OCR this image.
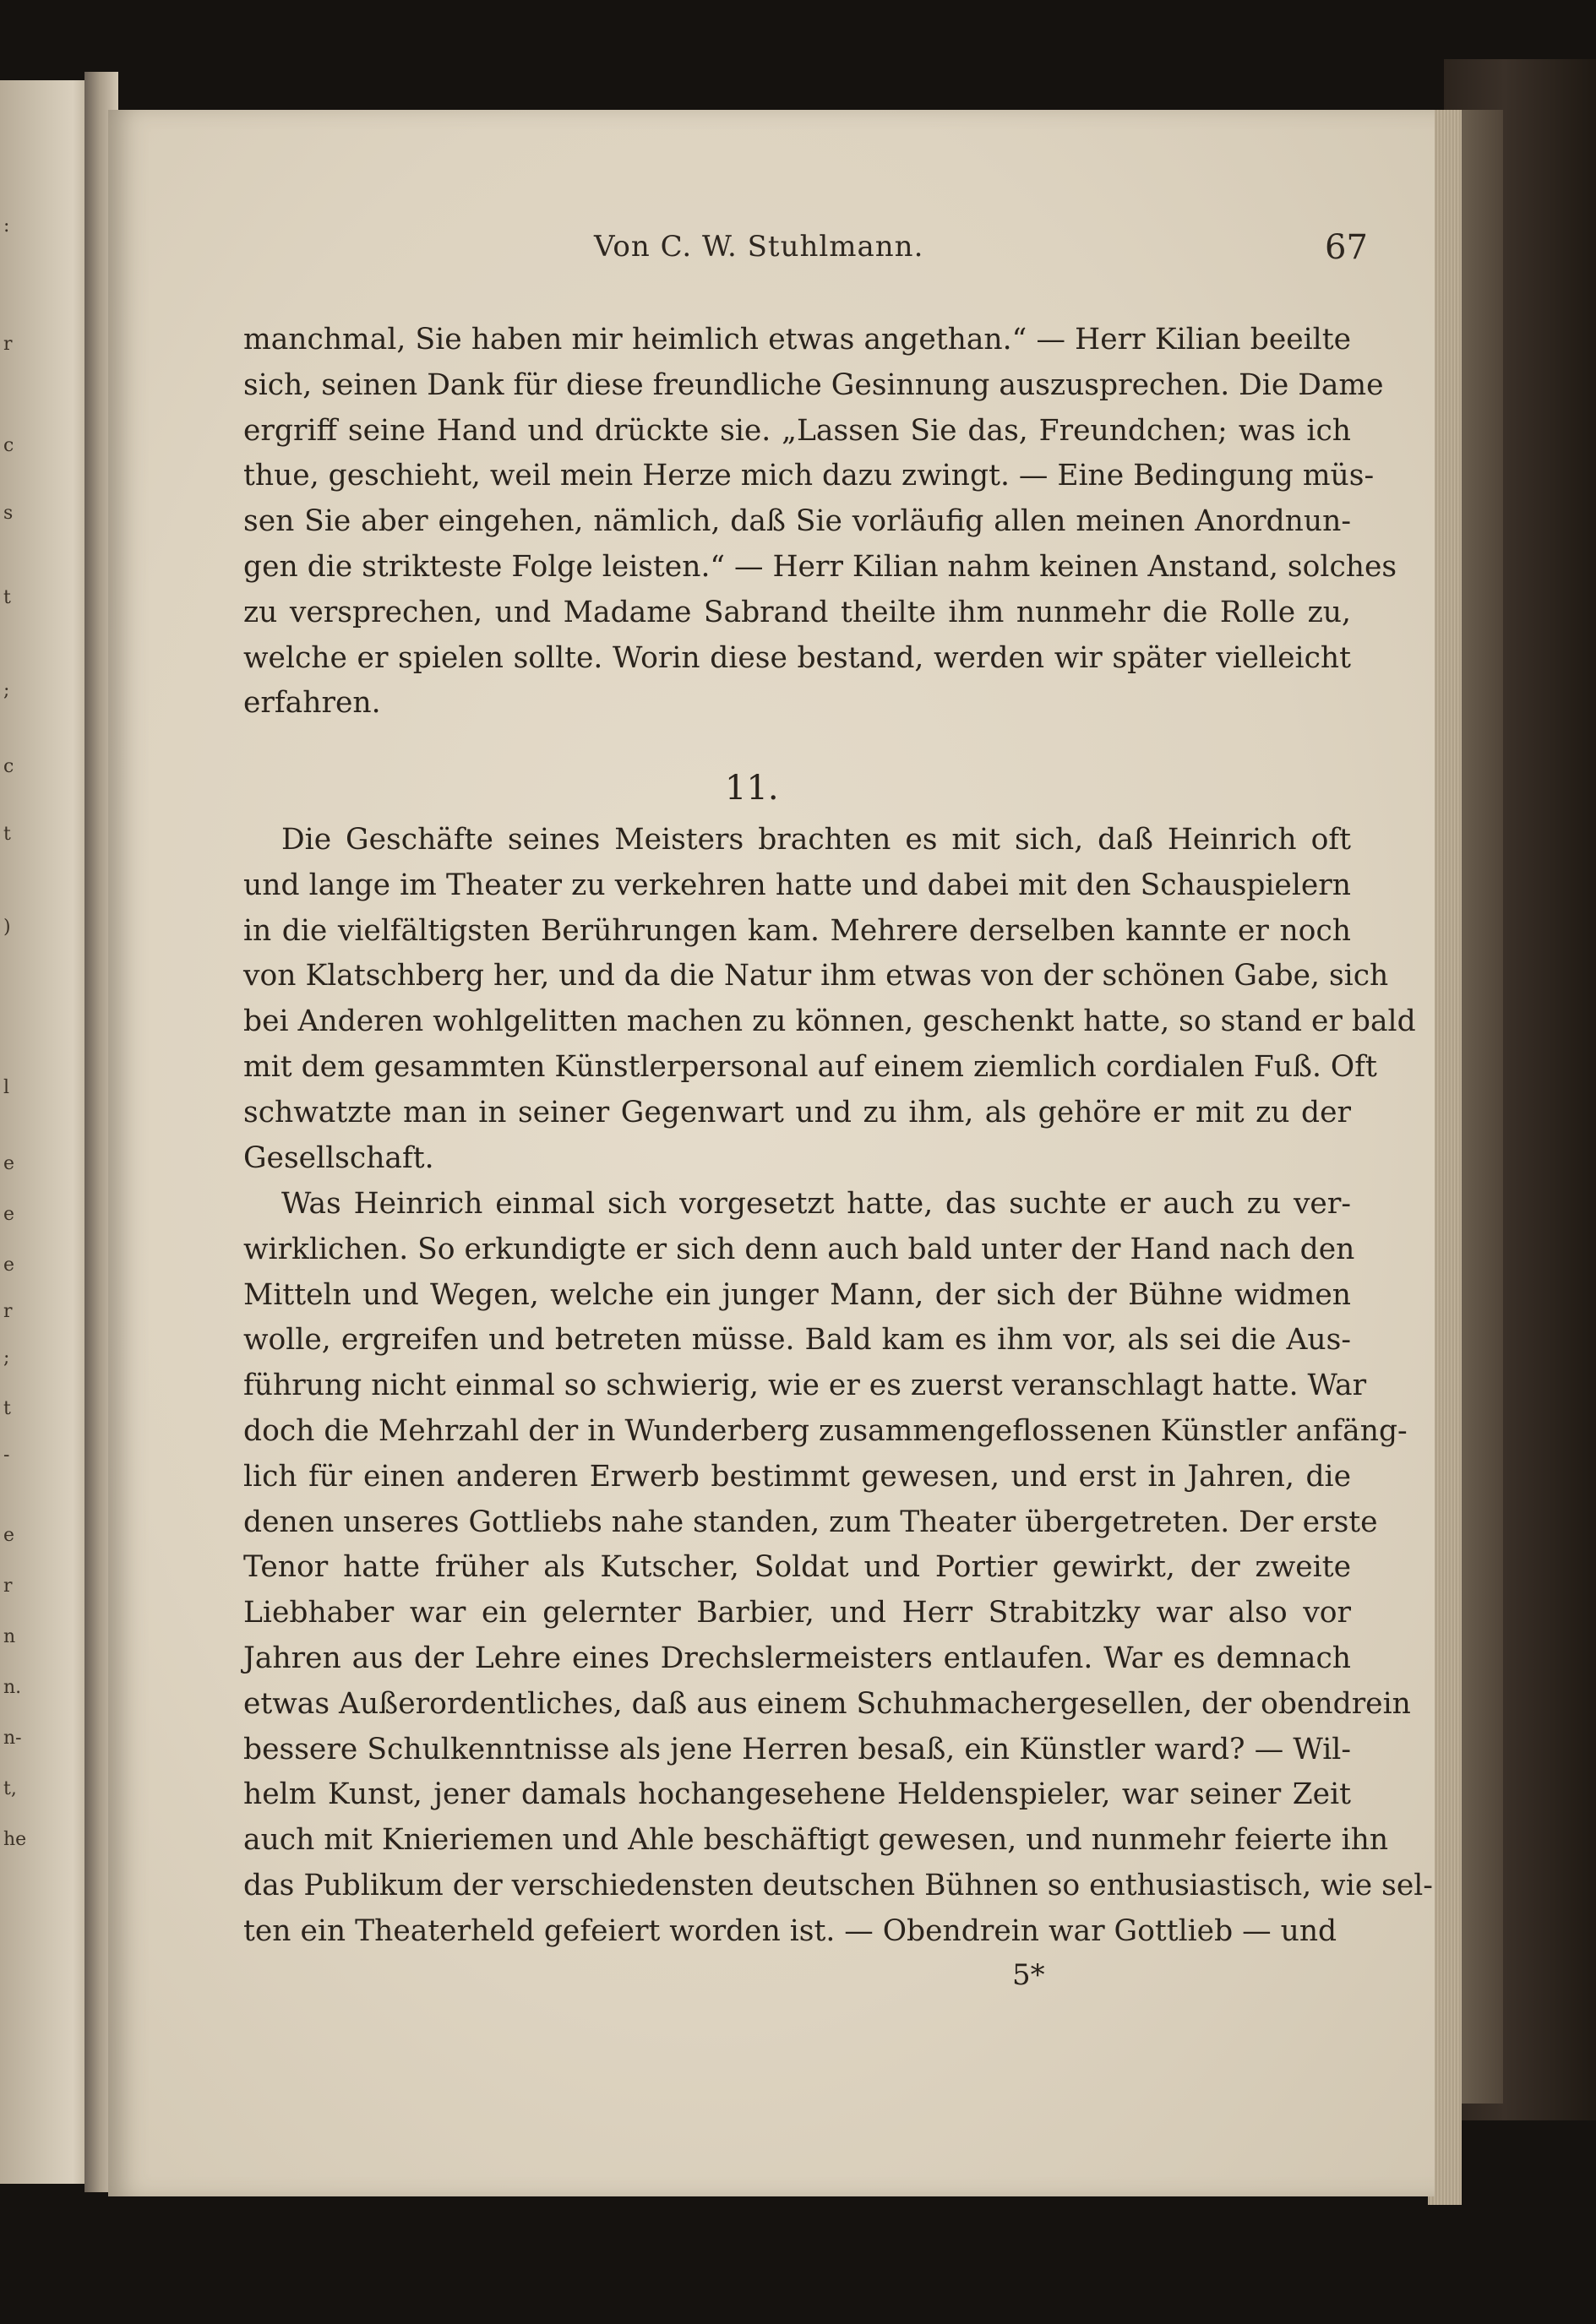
:
r
c
s
t
;
c
t
)
l
e
e
e
r
;
t
-
e
r
n
n.
n-
t,
he
Von C. W. Stuhlmann.	67
manchmal, Sie haben mir heimlich etwas angethan.“ — Herr Kilian beeilte
sich, seinen Dank für diese freundliche Gesinnung auszusprechen. Die Dame
ergriff seine Hand und drückte sie. „Lassen Sie das, Freundchen; was ich
thue, geschieht, weil mein Herze mich dazu zwingt. — Eine Bedingung müs-
sen Sie aber eingehen, nämlich, daß Sie vorläufig allen meinen Anordnun-
gen die strikteste Folge leisten.“ — Herr Kilian nahm keinen Anstand, solches
zu versprechen, und Madame Sabrand theilte ihm nunmehr die Rolle zu,
welche er spielen sollte. Worin diese bestand, werden wir später vielleicht
erfahren.
11.
Die Geschäfte seines Meisters brachten es mit sich, daß Heinrich oft
und lange im Theater zu verkehren hatte und dabei mit den Schauspielern
in die vielfältigsten Berührungen kam. Mehrere derselben kannte er noch
von Klatschberg her, und da die Natur ihm etwas von der schönen Gabe, sich
bei Anderen wohlgelitten machen zu können, geschenkt hatte, so stand er bald
mit dem gesammten Künstlerpersonal auf einem ziemlich cordialen Fuß. Oft
schwatzte man in seiner Gegenwart und zu ihm, als gehöre er mit zu der
Gesellschaft.
Was Heinrich einmal sich vorgesetzt hatte, das suchte er auch zu ver-
wirklichen. So erkundigte er sich denn auch bald unter der Hand nach den
Mitteln und Wegen, welche ein junger Mann, der sich der Bühne widmen
wolle, ergreifen und betreten müsse. Bald kam es ihm vor, als sei die Aus-
führung nicht einmal so schwierig, wie er es zuerst veranschlagt hatte. War
doch die Mehrzahl der in Wunderberg zusammengeflossenen Künstler anfäng-
lich für einen anderen Erwerb bestimmt gewesen, und erst in Jahren, die
denen unseres Gottliebs nahe standen, zum Theater übergetreten. Der erste
Tenor hatte früher als Kutscher, Soldat und Portier gewirkt, der zweite
Liebhaber war ein gelernter Barbier, und Herr Strabitzky war also vor
Jahren aus der Lehre eines Drechslermeisters entlaufen. War es demnach
etwas Außerordentliches, daß aus einem Schuhmachergesellen, der obendrein
bessere Schulkenntnisse als jene Herren besaß, ein Künstler ward? — Wil-
helm Kunst, jener damals hochangesehene Heldenspieler, war seiner Zeit
auch mit Knieriemen und Ahle beschäftigt gewesen, und nunmehr feierte ihn
das Publikum der verschiedensten deutschen Bühnen so enthusiastisch, wie sel-
ten ein Theaterheld gefeiert worden ist. — Obendrein war Gottlieb — und
5*
